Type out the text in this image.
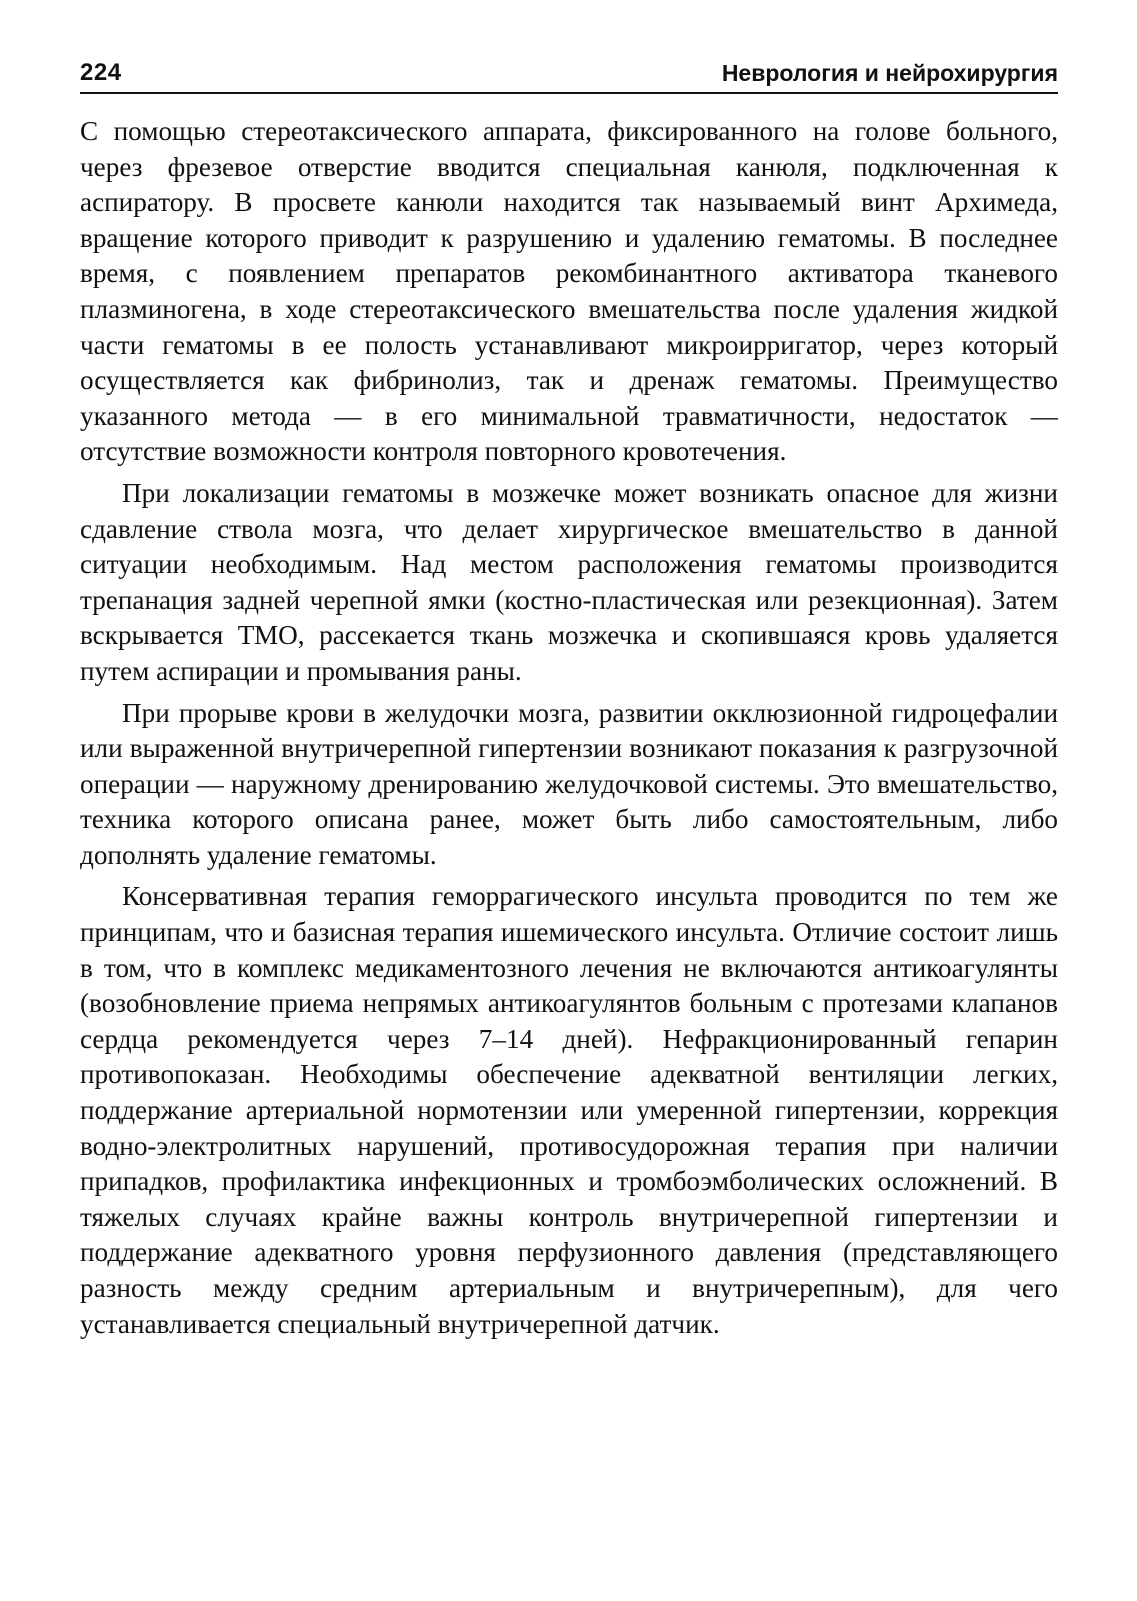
224	Неврология и нейрохирургия

С помощью стереотаксического аппарата, фиксированного на голове больного, через фрезевое отверстие вводится специальная канюля, подключенная к аспиратору. В просвете канюли находится так называемый винт Архимеда, вращение которого приводит к разрушению и удалению гематомы. В последнее время, с появлением препаратов рекомбинантного активатора тканевого плазминогена, в ходе стереотаксического вмешательства после удаления жидкой части гематомы в ее полость устанавливают микроирригатор, через который осуществляется как фибринолиз, так и дренаж гематомы. Преимущество указанного метода — в его минимальной травматичности, недостаток — отсутствие возможности контроля повторного кровотечения.

При локализации гематомы в мозжечке может возникать опасное для жизни сдавление ствола мозга, что делает хирургическое вмешательство в данной ситуации необходимым. Над местом расположения гематомы производится трепанация задней черепной ямки (костно-пластическая или резекционная). Затем вскрывается ТМО, рассекается ткань мозжечка и скопившаяся кровь удаляется путем аспирации и промывания раны.

При прорыве крови в желудочки мозга, развитии окклюзионной гидроцефалии или выраженной внутричерепной гипертензии возникают показания к разгрузочной операции — наружному дренированию желудочковой системы. Это вмешательство, техника которого описана ранее, может быть либо самостоятельным, либо дополнять удаление гематомы.

Консервативная терапия геморрагического инсульта проводится по тем же принципам, что и базисная терапия ишемического инсульта. Отличие состоит лишь в том, что в комплекс медикаментозного лечения не включаются антикоагулянты (возобновление приема непрямых антикоагулянтов больным с протезами клапанов сердца рекомендуется через 7–14 дней). Нефракционированный гепарин противопоказан. Необходимы обеспечение адекватной вентиляции легких, поддержание артериальной нормотензии или умеренной гипертензии, коррекция водно-электролитных нарушений, противосудорожная терапия при наличии припадков, профилактика инфекционных и тромбоэмболических осложнений. В тяжелых случаях крайне важны контроль внутричерепной гипертензии и поддержание адекватного уровня перфузионного давления (представляющего разность между средним артериальным и внутричерепным), для чего устанавливается специальный внутричерепной датчик.
